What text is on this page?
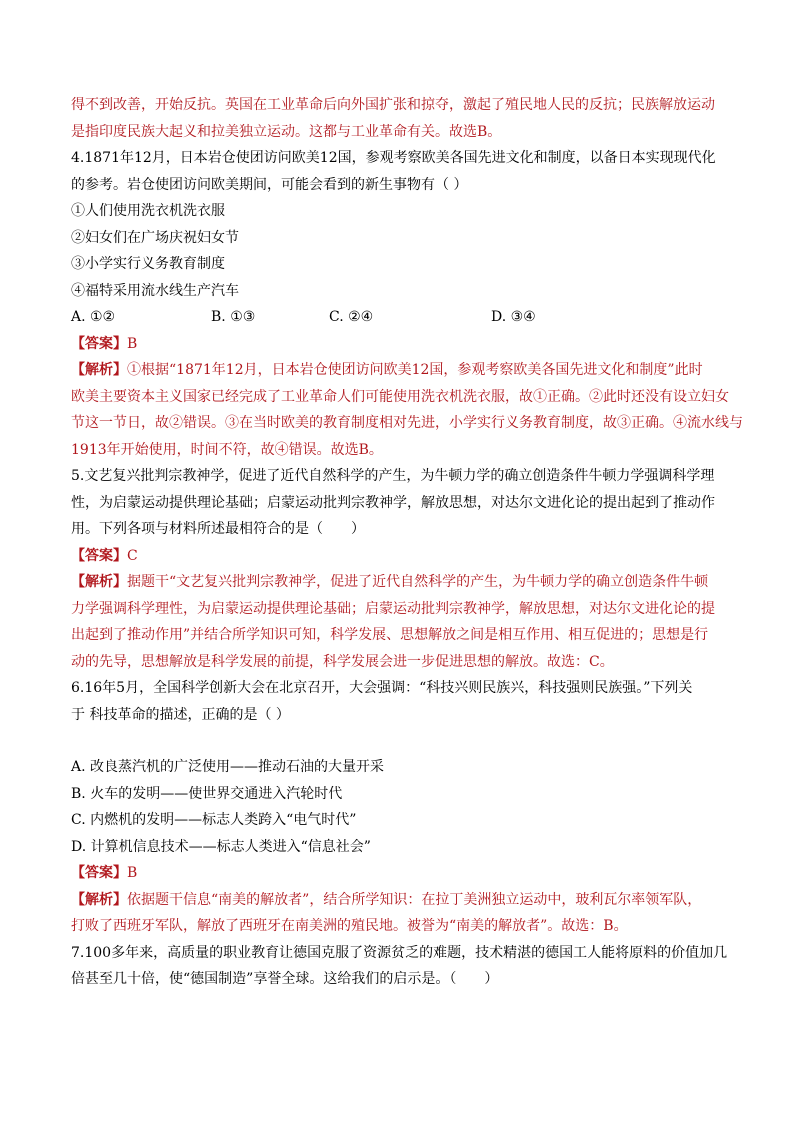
得不到改善，开始反抗。英国在工业革命后向外国扩张和掠夺，激起了殖民地人民的反抗；民族解放运动
是指印度民族大起义和拉美独立运动。这都与工业革命有关。故选B。
4.1871年12月，日本岩仓使团访问欧美12国，参观考察欧美各国先进文化和制度，以备日本实现现代化
的参考。岩仓使团访问欧美期间，可能会看到的新生事物有（ ）
①人们使用洗衣机洗衣服
②妇女们在广场庆祝妇女节
③小学实行义务教育制度
④福特采用流水线生产汽车
A. ①②	B. ①③	C. ②④	D. ③④
【答案】B
【解析】①根据“1871年12月，日本岩仓使团访问欧美12国，参观考察欧美各国先进文化和制度”此时
欧美主要资本主义国家已经完成了工业革命人们可能使用洗衣机洗衣服，故①正确。②此时还没有设立妇女
节这一节日，故②错误。③在当时欧美的教育制度相对先进，小学实行义务教育制度，故③正确。④流水线与
1913年开始使用，时间不符，故④错误。故选B。
5.文艺复兴批判宗教神学，促进了近代自然科学的产生，为牛顿力学的确立创造条件牛顿力学强调科学理
性，为启蒙运动提供理论基础；启蒙运动批判宗教神学，解放思想，对达尔文进化论的提出起到了推动作
用。下列各项与材料所述最相符合的是（　　）
【答案】C
【解析】据题干“文艺复兴批判宗教神学，促进了近代自然科学的产生，为牛顿力学的确立创造条件牛顿
力学强调科学理性，为启蒙运动提供理论基础；启蒙运动批判宗教神学，解放思想，对达尔文进化论的提
出起到了推动作用”并结合所学知识可知，科学发展、思想解放之间是相互作用、相互促进的；思想是行
动的先导，思想解放是科学发展的前提，科学发展会进一步促进思想的解放。故选：C。
6.16年5月，全国科学创新大会在北京召开，大会强调：“科技兴则民族兴，科技强则民族强。”下列关
于 科技革命的描述，正确的是（ ）
A. 改良蒸汽机的广泛使用——推动石油的大量开采
B. 火车的发明——使世界交通进入汽轮时代
C. 内燃机的发明——标志人类跨入“电气时代”
D. 计算机信息技术——标志人类进入“信息社会”
【答案】B
【解析】依据题干信息“南美的解放者”，结合所学知识：在拉丁美洲独立运动中，玻利瓦尔率领军队，
打败了西班牙军队，解放了西班牙在南美洲的殖民地。被誉为“南美的解放者”。故选：B。
7.100多年来，高质量的职业教育让德国克服了资源贫乏的难题，技术精湛的德国工人能将原料的价值加几
倍甚至几十倍，使“德国制造”享誉全球。这给我们的启示是。（　　）
